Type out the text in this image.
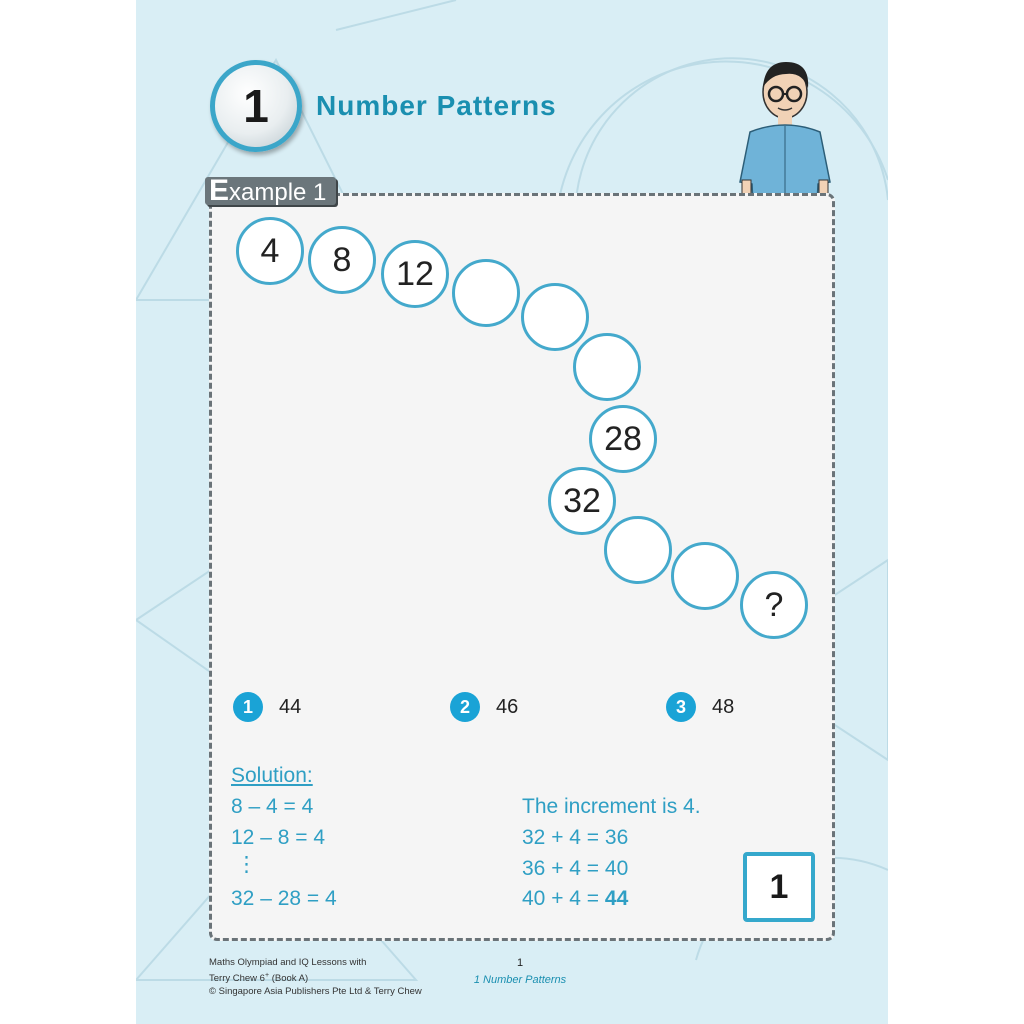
1	Number Patterns
Example 1
4	8	12
28
32
?
1	44	2	46	3	48
Solution:
8 – 4 = 4
12 – 8 = 4
⋮
32 – 28 = 4
The increment is 4.
32 + 4 = 36
36 + 4 = 40
40 + 4 = 44	1
Maths Olympiad and IQ Lessons with
Terry Chew 6+ (Book A)
© Singapore Asia Publishers Pte Ltd & Terry Chew
1
1 Number Patterns
